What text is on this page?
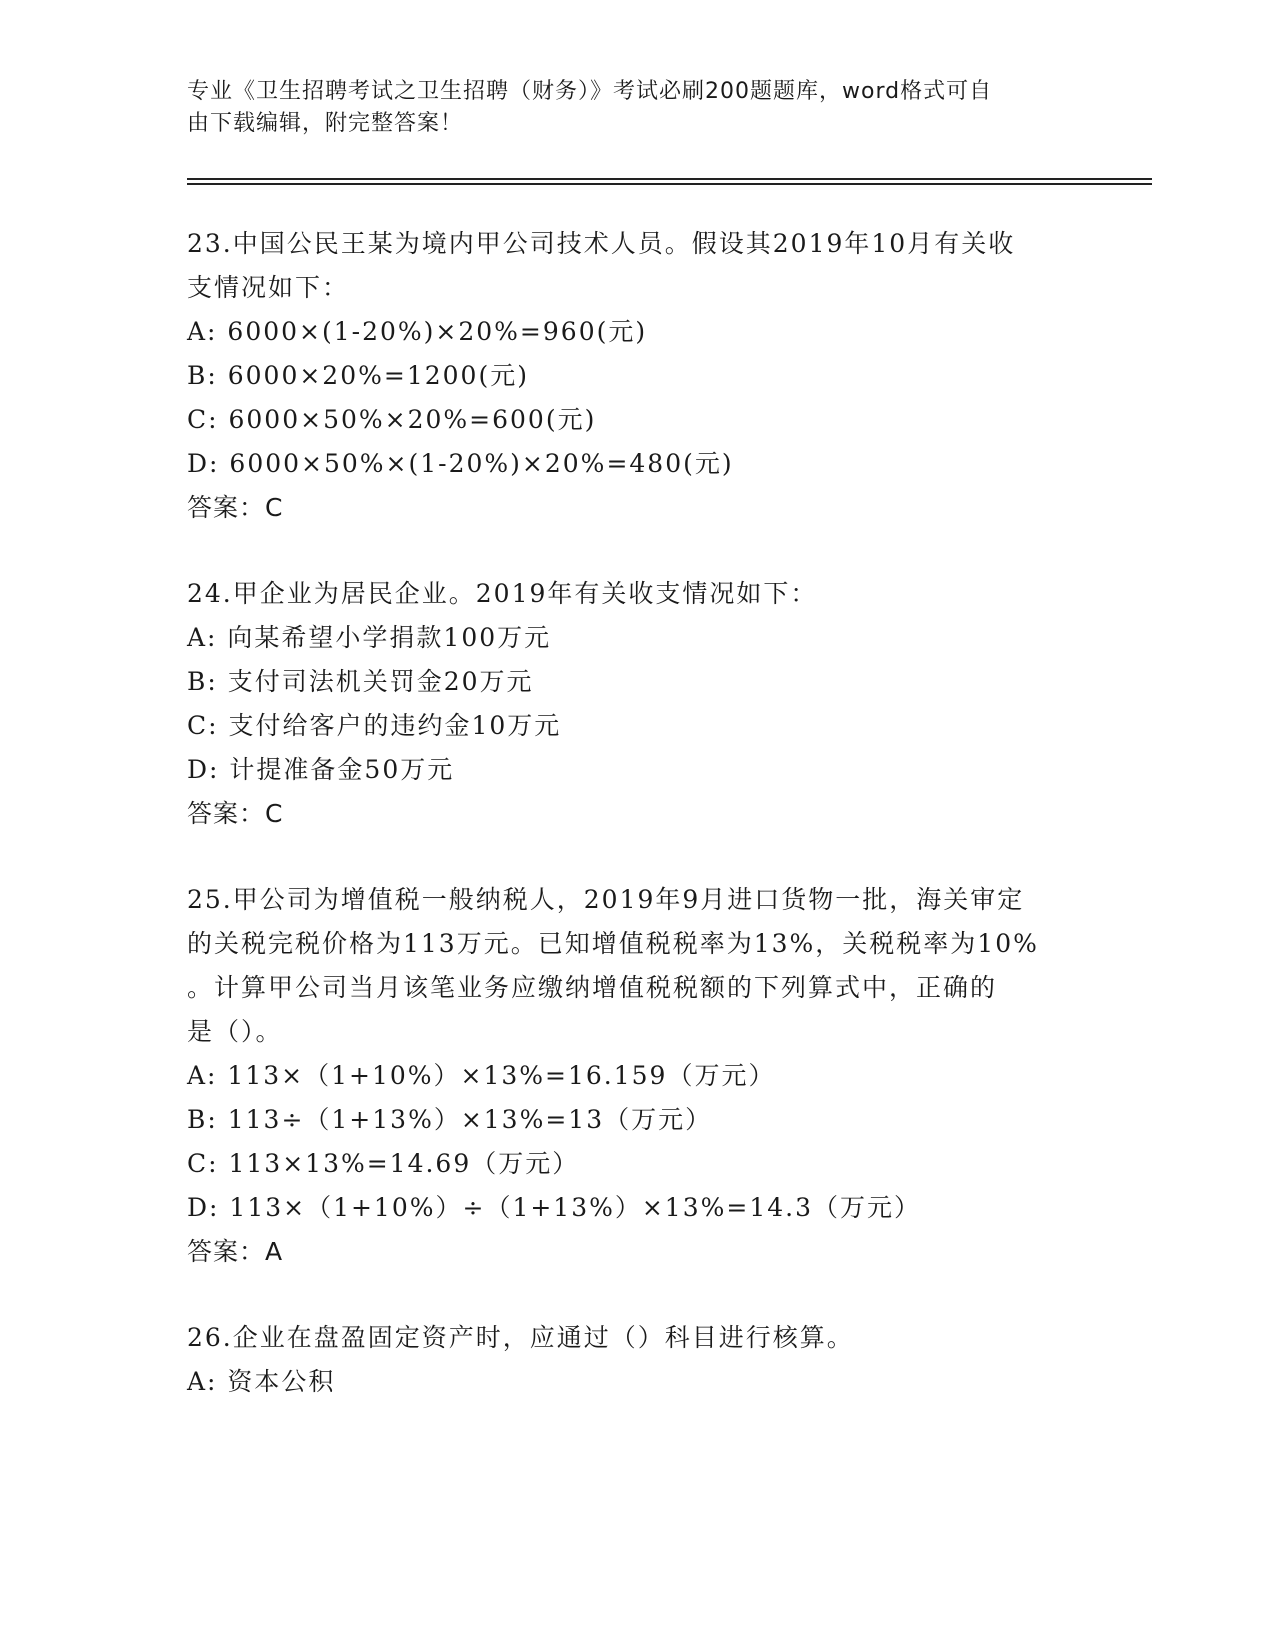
专业《卫生招聘考试之卫生招聘（财务）》考试必刷200题题库，word格式可自
由下载编辑，附完整答案！
23.中国公民王某为境内甲公司技术人员。假设其2019年10月有关收
支情况如下：
A: 6000×(1-20%)×20%=960(元)
B: 6000×20%=1200(元)
C: 6000×50%×20%=600(元)
D: 6000×50%×(1-20%)×20%=480(元)
答案：C
24.甲企业为居民企业。2019年有关收支情况如下：
A: 向某希望小学捐款100万元
B: 支付司法机关罚金20万元
C: 支付给客户的违约金10万元
D: 计提准备金50万元
答案：C
25.甲公司为增值税一般纳税人，2019年9月进口货物一批，海关审定
的关税完税价格为113万元。已知增值税税率为13%，关税税率为10%
。计算甲公司当月该笔业务应缴纳增值税税额的下列算式中，正确的
是（）。
A: 113×（1+10%）×13%=16.159（万元）
B: 113÷（1+13%）×13%=13（万元）
C: 113×13%=14.69（万元）
D: 113×（1+10%）÷（1+13%）×13%=14.3（万元）
答案：A
26.企业在盘盈固定资产时，应通过（）科目进行核算。
A: 资本公积
